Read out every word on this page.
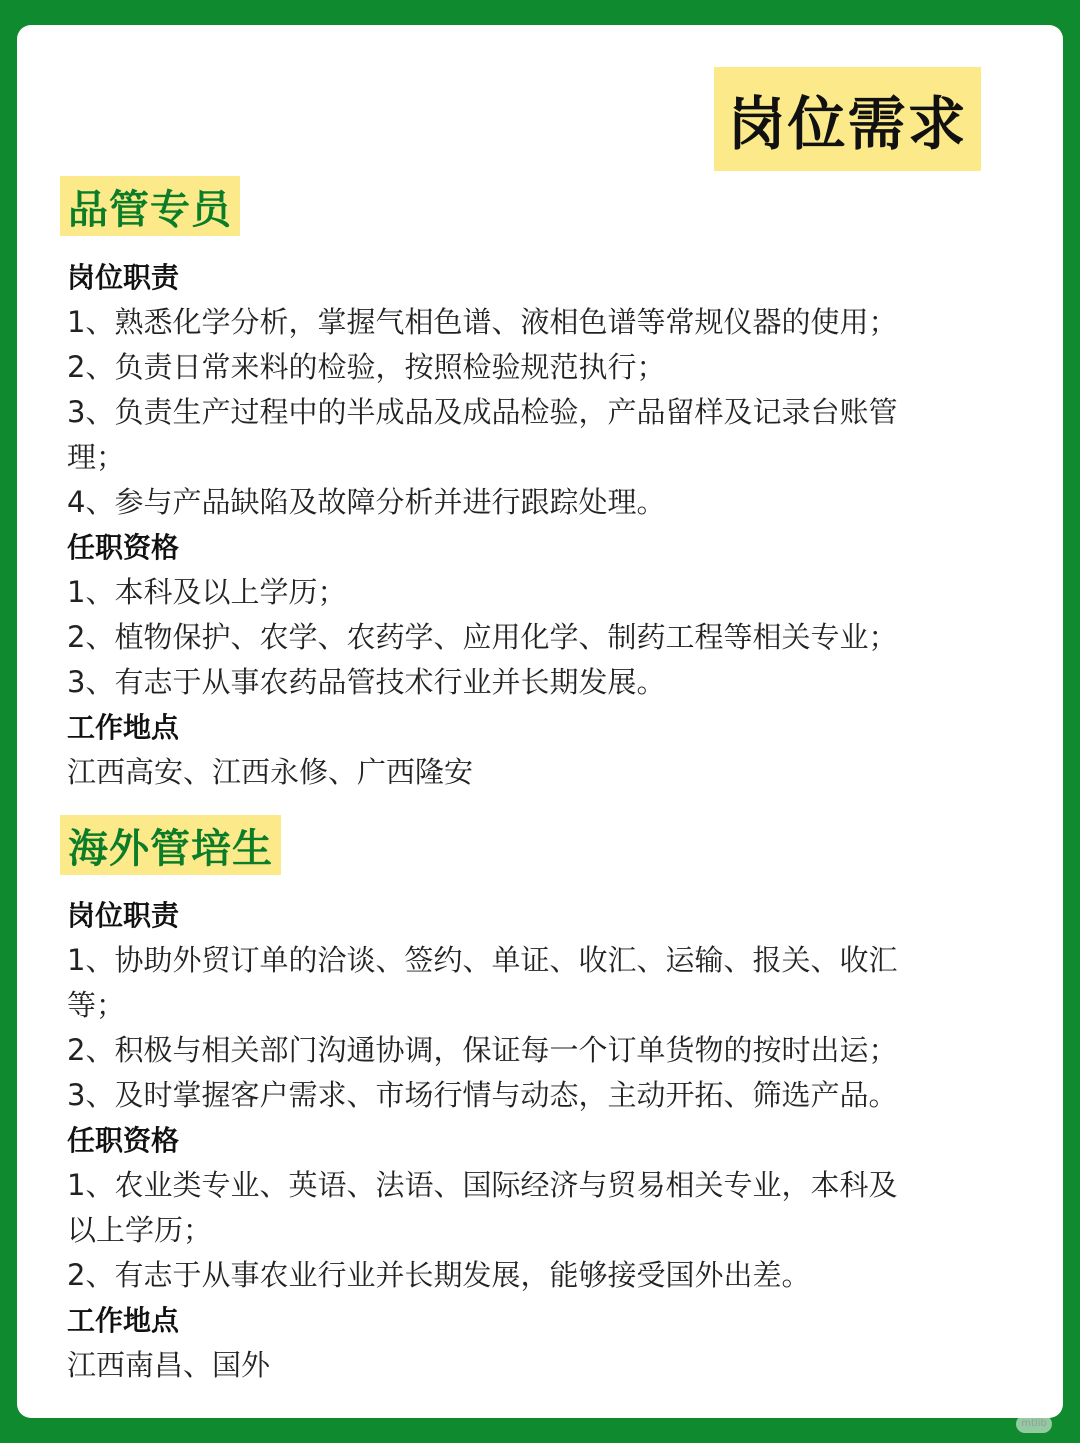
岗位需求
品管专员
岗位职责
1、熟悉化学分析，掌握气相色谱、液相色谱等常规仪器的使用；
2、负责日常来料的检验，按照检验规范执行；
3、负责生产过程中的半成品及成品检验，产品留样及记录台账管
理；
4、参与产品缺陷及故障分析并进行跟踪处理。
任职资格
1、本科及以上学历；
2、植物保护、农学、农药学、应用化学、制药工程等相关专业；
3、有志于从事农药品管技术行业并长期发展。
工作地点
江西高安、江西永修、广西隆安
海外管培生
岗位职责
1、协助外贸订单的洽谈、签约、单证、收汇、运输、报关、收汇
等；
2、积极与相关部门沟通协调，保证每一个订单货物的按时出运；
3、及时掌握客户需求、市场行情与动态，主动开拓、筛选产品。
任职资格
1、农业类专业、英语、法语、国际经济与贸易相关专业，本科及
以上学历；
2、有志于从事农业行业并长期发展，能够接受国外出差。
工作地点
江西南昌、国外
mtlib
